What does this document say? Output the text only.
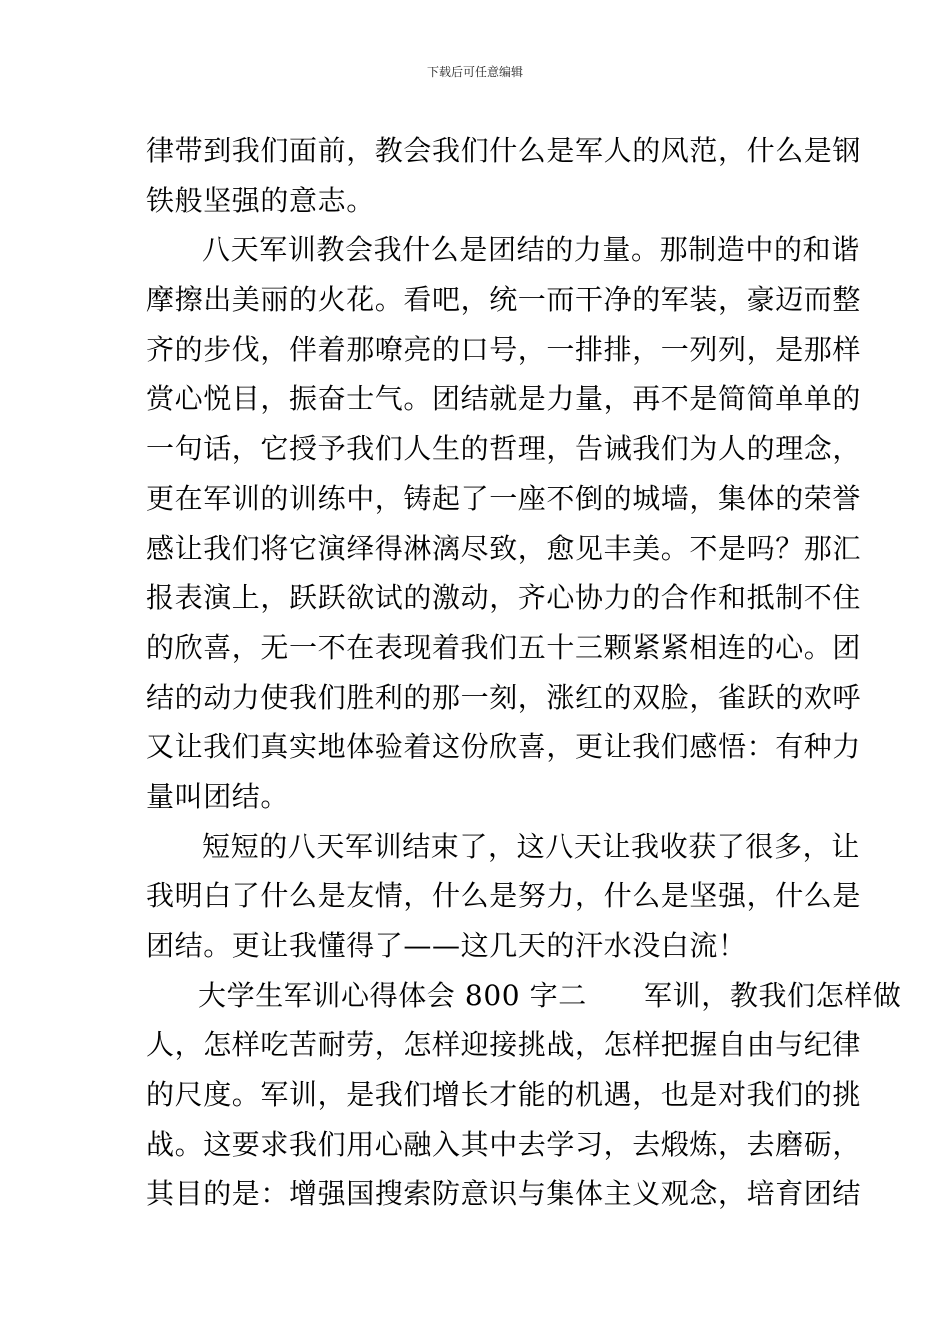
下载后可任意编辑
律带到我们面前，教会我们什么是军人的风范，什么是钢
铁般坚强的意志。
八天军训教会我什么是团结的力量。那制造中的和谐
摩擦出美丽的火花。看吧，统一而干净的军装，豪迈而整
齐的步伐，伴着那嘹亮的口号，一排排，一列列，是那样
赏心悦目，振奋士气。团结就是力量，再不是简简单单的
一句话，它授予我们人生的哲理，告诫我们为人的理念，
更在军训的训练中，铸起了一座不倒的城墙，集体的荣誉
感让我们将它演绎得淋漓尽致，愈见丰美。不是吗？那汇
报表演上，跃跃欲试的激动，齐心协力的合作和抵制不住
的欣喜，无一不在表现着我们五十三颗紧紧相连的心。团
结的动力使我们胜利的那一刻，涨红的双脸，雀跃的欢呼
又让我们真实地体验着这份欣喜，更让我们感悟：有种力
量叫团结。
短短的八天军训结束了，这八天让我收获了很多，让
我明白了什么是友情，什么是努力，什么是坚强，什么是
团结。更让我懂得了——这几天的汗水没白流！
大学生军训心得体会 800 字二　　军训，教我们怎样做
人，怎样吃苦耐劳，怎样迎接挑战，怎样把握自由与纪律
的尺度。军训，是我们增长才能的机遇，也是对我们的挑
战。这要求我们用心融入其中去学习，去煅炼，去磨砺，
其目的是：增强国搜索防意识与集体主义观念，培育团结
